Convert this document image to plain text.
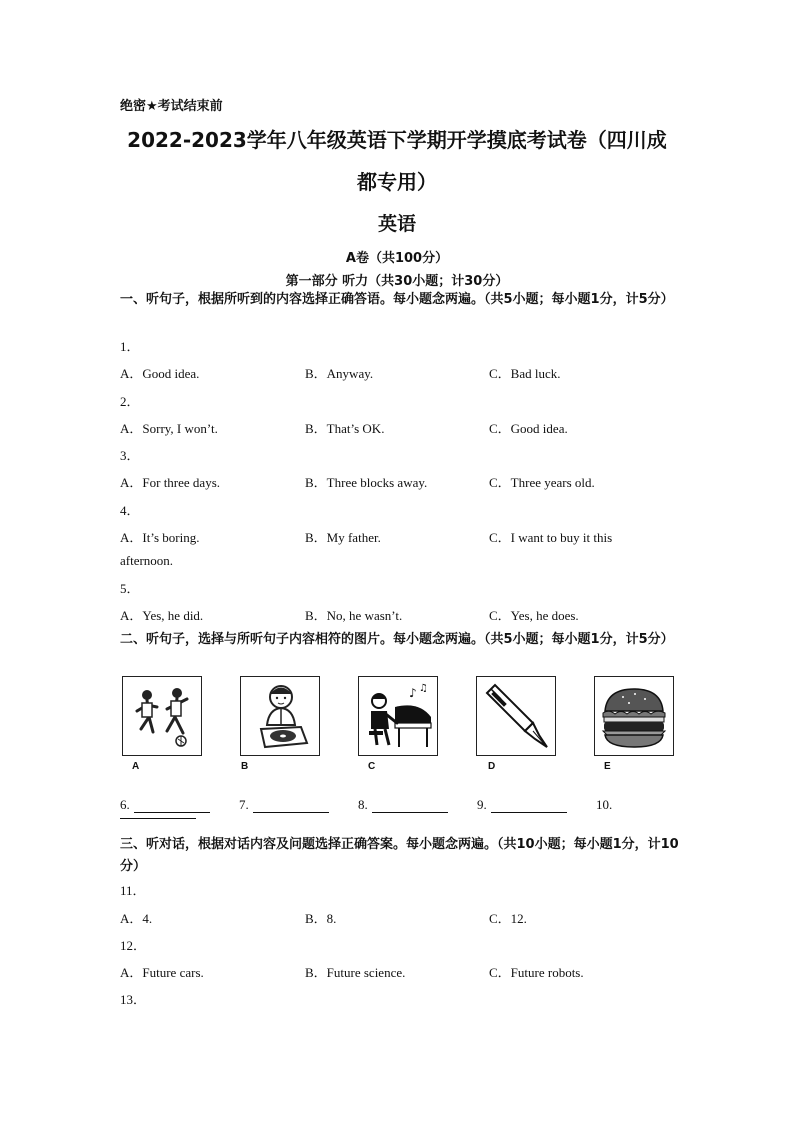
绝密★考试结束前
2022-2023学年八年级英语下学期开学摸底考试卷（四川成
都专用）
英语
A卷（共100分）
第一部分 听力（共30小题；计30分）
一、听句子，根据所听到的内容选择正确答语。每小题念两遍。（共5小题；每小题1分，计5分）
1．
A．Good idea.	B．Anyway.	C．Bad luck.
2．
A．Sorry, I won’t.	B．That’s OK.	C．Good idea.
3．
A．For three days.	B．Three blocks away.	C．Three years old.
4．
A．It’s boring.	B．My father.	C．I want to buy it this
afternoon.
5．
A．Yes, he did.	B．No, he wasn’t.	C．Yes, he does.
二、听句子，选择与所听句子内容相符的图片。每小题念两遍。（共5小题；每小题1分，计5分）
♪ ♫
A	B	C	D	E
6.	7.	8.	9.	10.
三、听对话，根据对话内容及问题选择正确答案。每小题念两遍。（共10小题；每小题1分，计10分）
11．
A．4.	B．8.	C．12.
12．
A．Future cars.	B．Future science.	C．Future robots.
13．
